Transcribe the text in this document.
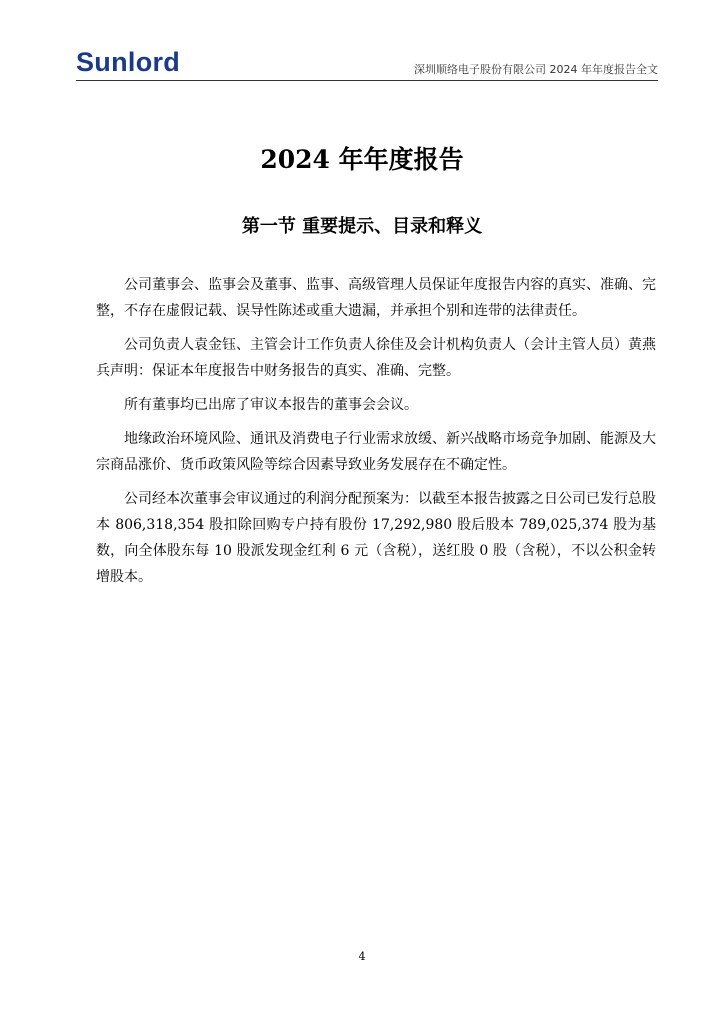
Sunlord	深圳顺络电子股份有限公司 2024 年年度报告全文
2024 年年度报告
第一节 重要提示、目录和释义

公司董事会、监事会及董事、监事、高级管理人员保证年度报告内容的真实、准确、完整，不存在虚假记载、误导性陈述或重大遗漏，并承担个别和连带的法律责任。

公司负责人袁金钰、主管会计工作负责人徐佳及会计机构负责人（会计主管人员）黄燕兵声明：保证本年度报告中财务报告的真实、准确、完整。

所有董事均已出席了审议本报告的董事会会议。

地缘政治环境风险、通讯及消费电子行业需求放缓、新兴战略市场竞争加剧、能源及大宗商品涨价、货币政策风险等综合因素导致业务发展存在不确定性。

公司经本次董事会审议通过的利润分配预案为：以截至本报告披露之日公司已发行总股本 806,318,354 股扣除回购专户持有股份 17,292,980 股后股本 789,025,374 股为基数，向全体股东每 10 股派发现金红利 6 元（含税），送红股 0 股（含税），不以公积金转增股本。

4
